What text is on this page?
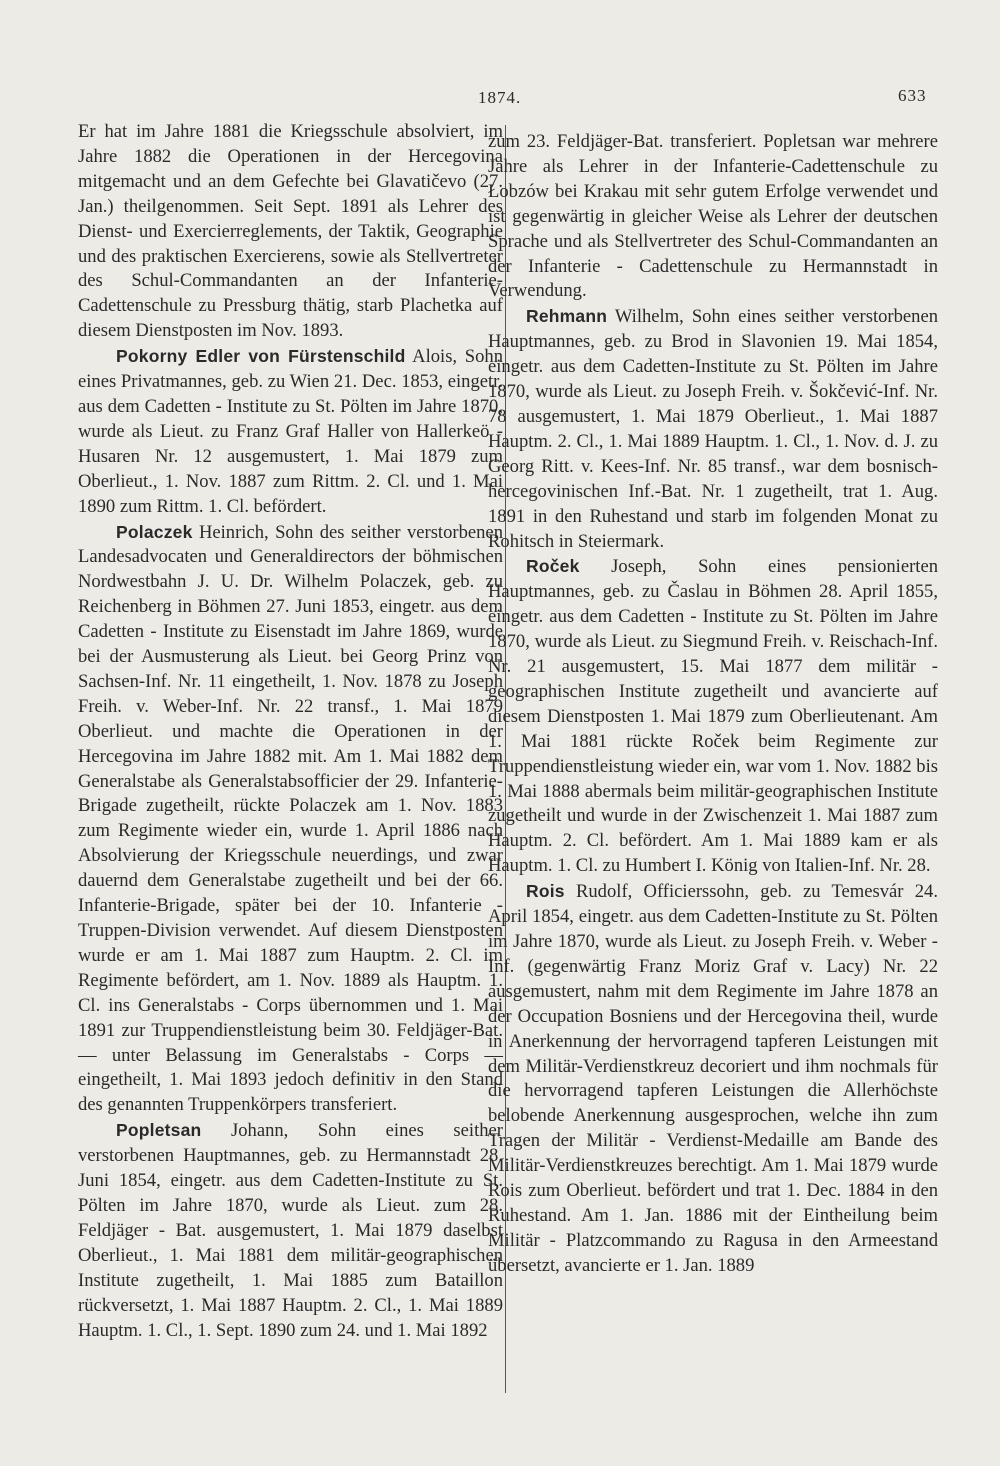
1874.	633

Er hat im Jahre 1881 die Kriegsschule absolviert, im Jahre 1882 die Operationen in der Hercegovina mitgemacht und an dem Gefechte bei Glavatičevo (27. Jan.) theilgenommen. Seit Sept. 1891 als Lehrer des Dienst- und Exercierreglements, der Taktik, Geographie und des praktischen Exercierens, sowie als Stellvertreter des Schul-Commandanten an der Infanterie-Cadettenschule zu Pressburg thätig, starb Plachetka auf diesem Dienstposten im Nov. 1893.

Pokorny Edler von Fürstenschild Alois, Sohn eines Privatmannes, geb. zu Wien 21. Dec. 1853, eingetr. aus dem Cadetten - Institute zu St. Pölten im Jahre 1870, wurde als Lieut. zu Franz Graf Haller von Hallerkeö - Husaren Nr. 12 ausgemustert, 1. Mai 1879 zum Oberlieut., 1. Nov. 1887 zum Rittm. 2. Cl. und 1. Mai 1890 zum Rittm. 1. Cl. befördert.

Polaczek Heinrich, Sohn des seither verstorbenen Landesadvocaten und Generaldirectors der böhmischen Nordwestbahn J. U. Dr. Wilhelm Polaczek, geb. zu Reichenberg in Böhmen 27. Juni 1853, eingetr. aus dem Cadetten - Institute zu Eisenstadt im Jahre 1869, wurde bei der Ausmusterung als Lieut. bei Georg Prinz von Sachsen-Inf. Nr. 11 eingetheilt, 1. Nov. 1878 zu Joseph Freih. v. Weber-Inf. Nr. 22 transf., 1. Mai 1879 Oberlieut. und machte die Operationen in der Hercegovina im Jahre 1882 mit. Am 1. Mai 1882 dem Generalstabe als Generalstabsofficier der 29. Infanterie-Brigade zugetheilt, rückte Polaczek am 1. Nov. 1883 zum Regimente wieder ein, wurde 1. April 1886 nach Absolvierung der Kriegsschule neuerdings, und zwar dauernd dem Generalstabe zugetheilt und bei der 66. Infanterie-Brigade, später bei der 10. Infanterie - Truppen-Division verwendet. Auf diesem Dienstposten wurde er am 1. Mai 1887 zum Hauptm. 2. Cl. im Regimente befördert, am 1. Nov. 1889 als Hauptm. 1. Cl. ins Generalstabs - Corps übernommen und 1. Mai 1891 zur Truppendienstleistung beim 30. Feldjäger-Bat. — unter Belassung im Generalstabs - Corps — eingetheilt, 1. Mai 1893 jedoch definitiv in den Stand des genannten Truppenkörpers transferiert.

Popletsan Johann, Sohn eines seither verstorbenen Hauptmannes, geb. zu Hermannstadt 28. Juni 1854, eingetr. aus dem Cadetten-Institute zu St. Pölten im Jahre 1870, wurde als Lieut. zum 28. Feldjäger - Bat. ausgemustert, 1. Mai 1879 daselbst Oberlieut., 1. Mai 1881 dem militär-geographischen Institute zugetheilt, 1. Mai 1885 zum Bataillon rückversetzt, 1. Mai 1887 Hauptm. 2. Cl., 1. Mai 1889 Hauptm. 1. Cl., 1. Sept. 1890 zum 24. und 1. Mai 1892

zum 23. Feldjäger-Bat. transferiert. Popletsan war mehrere Jahre als Lehrer in der Infanterie-Cadettenschule zu Łobzów bei Krakau mit sehr gutem Erfolge verwendet und ist gegenwärtig in gleicher Weise als Lehrer der deutschen Sprache und als Stellvertreter des Schul-Commandanten an der Infanterie - Cadettenschule zu Hermannstadt in Verwendung.

Rehmann Wilhelm, Sohn eines seither verstorbenen Hauptmannes, geb. zu Brod in Slavonien 19. Mai 1854, eingetr. aus dem Cadetten-Institute zu St. Pölten im Jahre 1870, wurde als Lieut. zu Joseph Freih. v. Šokčević-Inf. Nr. 78 ausgemustert, 1. Mai 1879 Oberlieut., 1. Mai 1887 Hauptm. 2. Cl., 1. Mai 1889 Hauptm. 1. Cl., 1. Nov. d. J. zu Georg Ritt. v. Kees-Inf. Nr. 85 transf., war dem bosnisch-hercegovinischen Inf.-Bat. Nr. 1 zugetheilt, trat 1. Aug. 1891 in den Ruhestand und starb im folgenden Monat zu Rohitsch in Steiermark.

Roček Joseph, Sohn eines pensionierten Hauptmannes, geb. zu Časlau in Böhmen 28. April 1855, eingetr. aus dem Cadetten - Institute zu St. Pölten im Jahre 1870, wurde als Lieut. zu Siegmund Freih. v. Reischach-Inf. Nr. 21 ausgemustert, 15. Mai 1877 dem militär - geographischen Institute zugetheilt und avancierte auf diesem Dienstposten 1. Mai 1879 zum Oberlieutenant. Am 1. Mai 1881 rückte Roček beim Regimente zur Truppendienstleistung wieder ein, war vom 1. Nov. 1882 bis 1. Mai 1888 abermals beim militär-geographischen Institute zugetheilt und wurde in der Zwischenzeit 1. Mai 1887 zum Hauptm. 2. Cl. befördert. Am 1. Mai 1889 kam er als Hauptm. 1. Cl. zu Humbert I. König von Italien-Inf. Nr. 28.

Rois Rudolf, Officierssohn, geb. zu Temesvár 24. April 1854, eingetr. aus dem Cadetten-Institute zu St. Pölten im Jahre 1870, wurde als Lieut. zu Joseph Freih. v. Weber - Inf. (gegenwärtig Franz Moriz Graf v. Lacy) Nr. 22 ausgemustert, nahm mit dem Regimente im Jahre 1878 an der Occupation Bosniens und der Hercegovina theil, wurde in Anerkennung der hervorragend tapferen Leistungen mit dem Militär-Verdienstkreuz decoriert und ihm nochmals für die hervorragend tapferen Leistungen die Allerhöchste belobende Anerkennung ausgesprochen, welche ihn zum Tragen der Militär - Verdienst-Medaille am Bande des Militär-Verdienstkreuzes berechtigt. Am 1. Mai 1879 wurde Rois zum Oberlieut. befördert und trat 1. Dec. 1884 in den Ruhestand. Am 1. Jan. 1886 mit der Eintheilung beim Militär - Platzcommando zu Ragusa in den Armeestand übersetzt, avancierte er 1. Jan. 1889
